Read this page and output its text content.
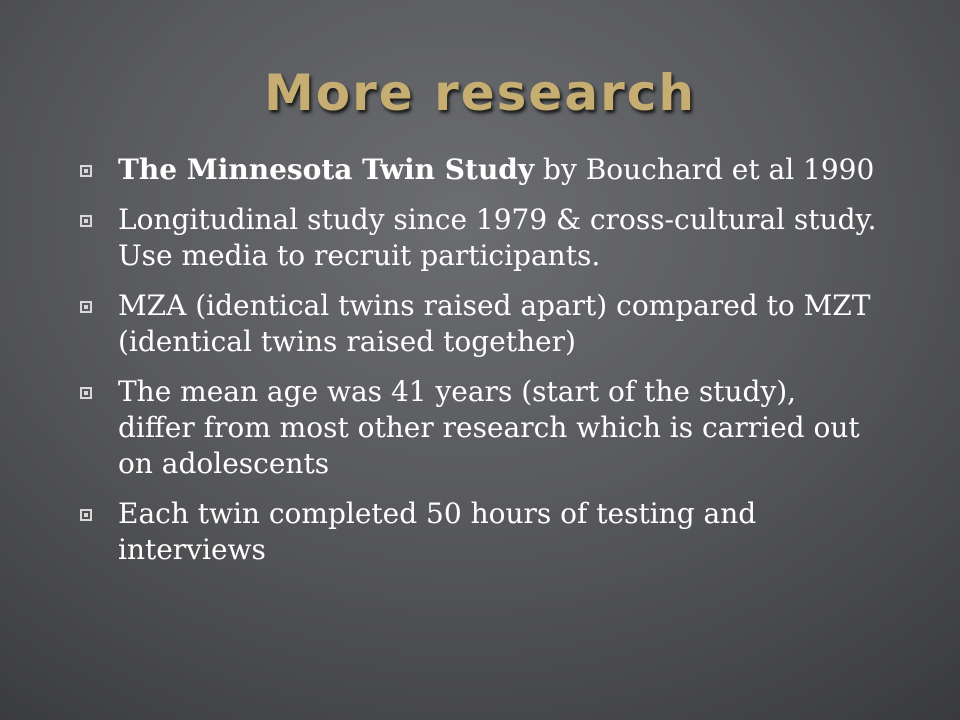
More research
The Minnesota Twin Study by Bouchard et al 1990
Longitudinal study since 1979 & cross-cultural study. Use media to recruit participants.
MZA (identical twins raised apart) compared to MZT (identical twins raised together)
The mean age was 41 years (start of the study), differ from most other research which is carried out on adolescents
Each twin completed 50 hours of testing and interviews
